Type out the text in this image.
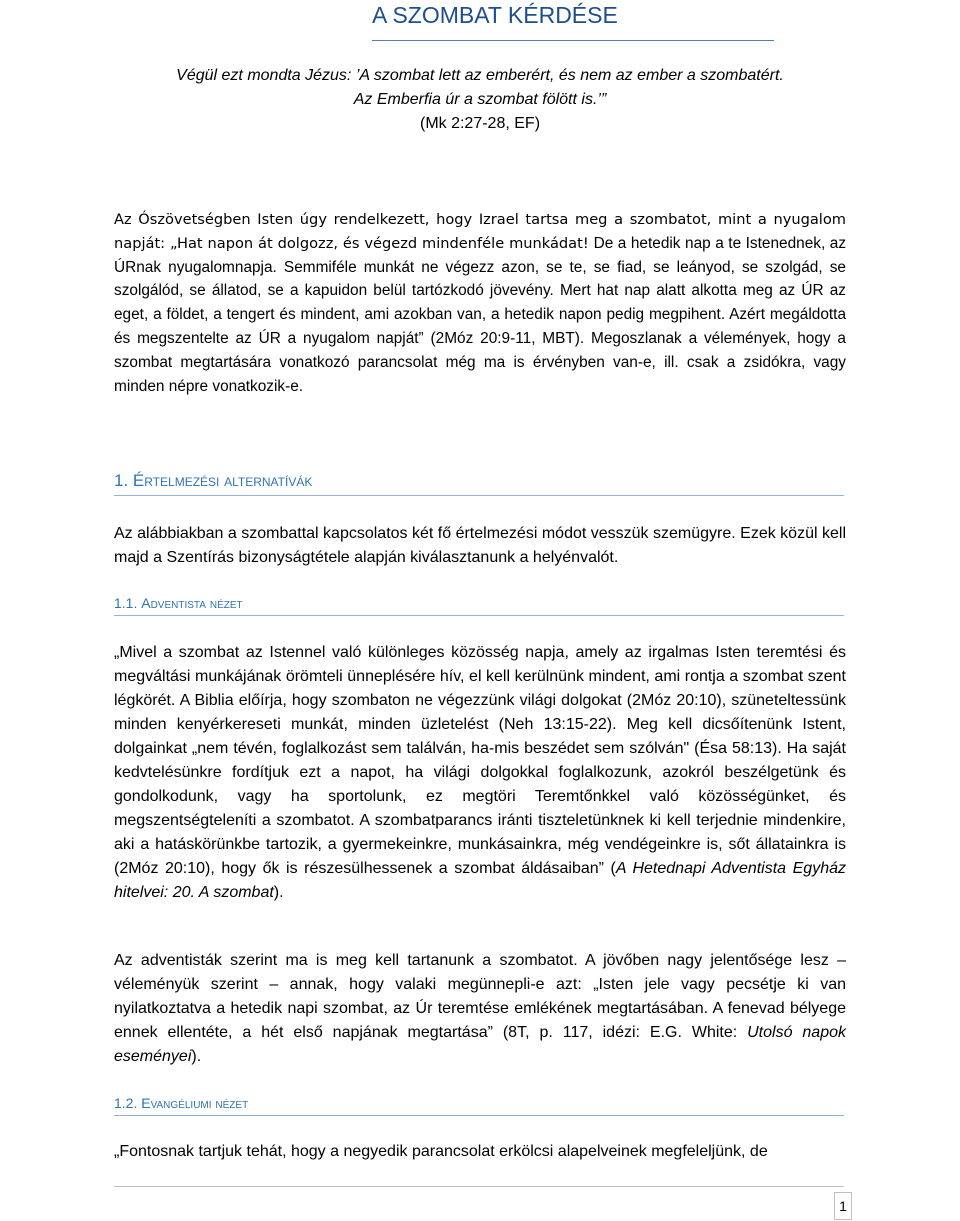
A SZOMBAT KÉRDÉSE
Végül ezt mondta Jézus: ’A szombat lett az emberért, és nem az ember a szombatért.
Az Emberfia úr a szombat fölött is.’”
(Mk 2:27-28, EF)

Az Ószövetségben Isten úgy rendelkezett, hogy Izrael tartsa meg a szombatot, mint a nyugalom napját: „Hat napon át dolgozz, és végezd mindenféle munkádat! De a hetedik nap a te Istenednek, az ÚRnak nyugalomnapja. Semmiféle munkát ne végezz azon, se te, se fiad, se leányod, se szolgád, se szolgálód, se állatod, se a kapuidon belül tartózkodó jövevény. Mert hat nap alatt alkotta meg az ÚR az eget, a földet, a tengert és mindent, ami azokban van, a hetedik napon pedig megpihent. Azért megáldotta és megszentelte az ÚR a nyugalom napját” (2Móz 20:9-11, MBT). Megoszlanak a vélemények, hogy a szombat megtartására vonatkozó parancsolat még ma is érvényben van-e, ill. csak a zsidókra, vagy minden népre vonatkozik-e.

1. Értelmezési alternatívák

Az alábbiakban a szombattal kapcsolatos két fő értelmezési módot vesszük szemügyre. Ezek közül kell majd a Szentírás bizonyságtétele alapján kiválasztanunk a helyénvalót.

1.1. Adventista nézet

„Mivel a szombat az Istennel való különleges közösség napja, amely az irgalmas Isten teremtési és megváltási munkájának örömteli ünneplésére hív, el kell kerülnünk mindent, ami rontja a szombat szent légkörét. A Biblia előírja, hogy szombaton ne végezzünk világi dolgokat (2Móz 20:10), szüneteltessünk minden kenyérkereseti munkát, minden üzletelést (Neh 13:15-22). Meg kell dicsőítenünk Istent, dolgainkat „nem tévén, foglalkozást sem találván, ha-mis beszédet sem szólván" (Ésa 58:13). Ha saját kedvtelésünkre fordítjuk ezt a napot, ha világi dolgokkal foglalkozunk, azokról beszélgetünk és gondolkodunk, vagy ha sportolunk, ez megtöri Teremtőnkkel való közösségünket, és megszentségteleníti a szombatot. A szombatparancs iránti tiszteletünknek ki kell terjednie mindenkire, aki a hatáskörünkbe tartozik, a gyermekeinkre, munkásainkra, még vendégeinkre is, sőt állatainkra is (2Móz 20:10), hogy ők is részesülhessenek a szombat áldásaiban” (A Hetednapi Adventista Egyház hitelvei: 20. A szombat).

Az adventisták szerint ma is meg kell tartanunk a szombatot. A jövőben nagy jelentősége lesz – véleményük szerint – annak, hogy valaki megünnepli-e azt: „Isten jele vagy pecsétje ki van nyilatkoztatva a hetedik napi szombat, az Úr teremtése emlékének megtartásában. A fenevad bélyege ennek ellentéte, a hét első napjának megtartása” (8T, p. 117, idézi: E.G. White: Utolsó napok eseményei).

1.2. Evangéliumi nézet

„Fontosnak tartjuk tehát, hogy a negyedik parancsolat erkölcsi alapelveinek megfeleljünk, de

1
